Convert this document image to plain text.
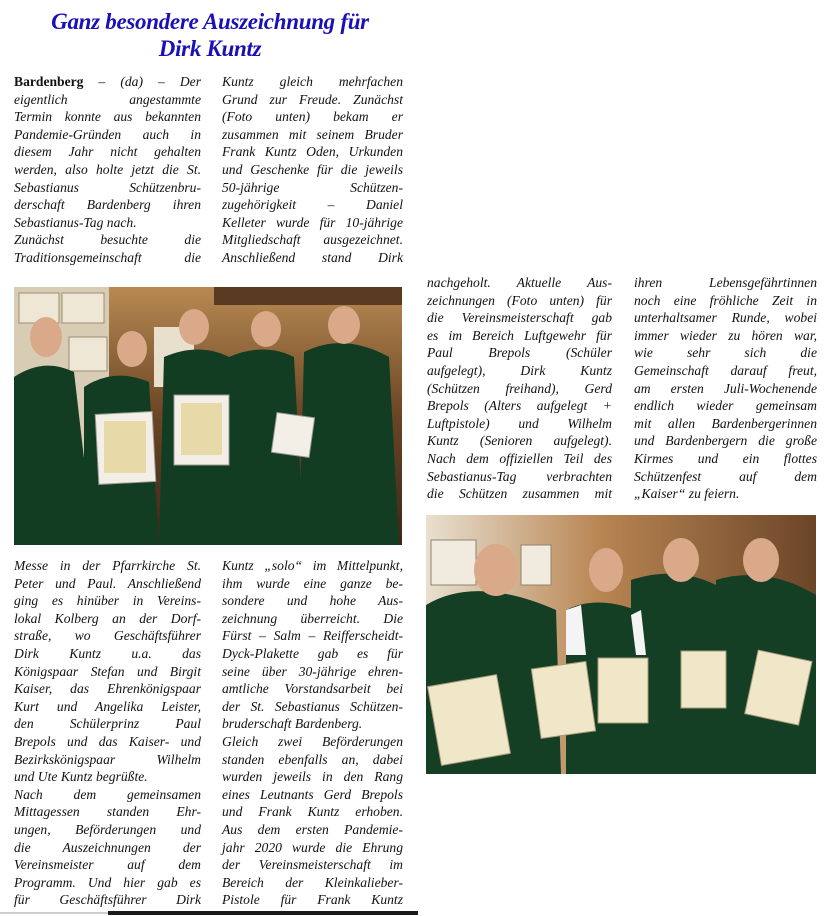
Ganz besondere Auszeichnung für
Dirk Kuntz
Bardenberg – (da) – Der
eigentlich angestammte
Termin konnte aus bekannten
Pandemie-Gründen auch in
diesem Jahr nicht gehalten
werden, also holte jetzt die St.
Sebastianus Schützenbru-
derschaft Bardenberg ihren
Sebastianus-Tag nach.
Zunächst besuchte die
Traditionsgemeinschaft die
Kuntz gleich mehrfachen
Grund zur Freude. Zunächst
(Foto unten) bekam er
zusammen mit seinem Bruder
Frank Kuntz Oden, Urkunden
und Geschenke für die jeweils
50-jährige Schützen-
zugehörigkeit – Daniel
Kelleter wurde für 10-jährige
Mitgliedschaft ausgezeichnet.
Anschließend stand Dirk
Messe in der Pfarrkirche St.
Peter und Paul. Anschließend
ging es hinüber in Vereins-
lokal Kolberg an der Dorf-
straße, wo Geschäftsführer
Dirk Kuntz u.a. das
Königspaar Stefan und Birgit
Kaiser, das Ehrenkönigspaar
Kurt und Angelika Leister,
den Schülerprinz Paul
Brepols und das Kaiser- und
Bezirkskönigspaar Wilhelm
und Ute Kuntz begrüßte.
Nach dem gemeinsamen
Mittagessen standen Ehr-
ungen, Beförderungen und
die Auszeichnungen der
Vereinsmeister auf dem
Programm. Und hier gab es
für Geschäftsführer Dirk
Kuntz „solo“ im Mittelpunkt,
ihm wurde eine ganze be-
sondere und hohe Aus-
zeichnung überreicht. Die
Fürst – Salm – Reifferscheidt-
Dyck-Plakette gab es für
seine über 30-jährige ehren-
amtliche Vorstandsarbeit bei
der St. Sebastianus Schützen-
bruderschaft Bardenberg.
Gleich zwei Beförderungen
standen ebenfalls an, dabei
wurden jeweils in den Rang
eines Leutnants Gerd Brepols
und Frank Kuntz erhoben.
Aus dem ersten Pandemie-
jahr 2020 wurde die Ehrung
der Vereinsmeisterschaft im
Bereich der Kleinkalieber-
Pistole für Frank Kuntz
nachgeholt. Aktuelle Aus-
zeichnungen (Foto unten) für
die Vereinsmeisterschaft gab
es im Bereich Luftgewehr für
Paul Brepols (Schüler
aufgelegt), Dirk Kuntz
(Schützen freihand), Gerd
Brepols (Alters aufgelegt +
Luftpistole) und Wilhelm
Kuntz (Senioren aufgelegt).
Nach dem offiziellen Teil des
Sebastianus-Tag verbrachten
die Schützen zusammen mit
ihren Lebensgefährtinnen
noch eine fröhliche Zeit in
unterhaltsamer Runde, wobei
immer wieder zu hören war,
wie sehr sich die
Gemeinschaft darauf freut,
am ersten Juli-Wochenende
endlich wieder gemeinsam
mit allen Bardenbergerinnen
und Bardenbergern die große
Kirmes und ein flottes
Schützenfest auf dem
„Kaiser“ zu feiern.
